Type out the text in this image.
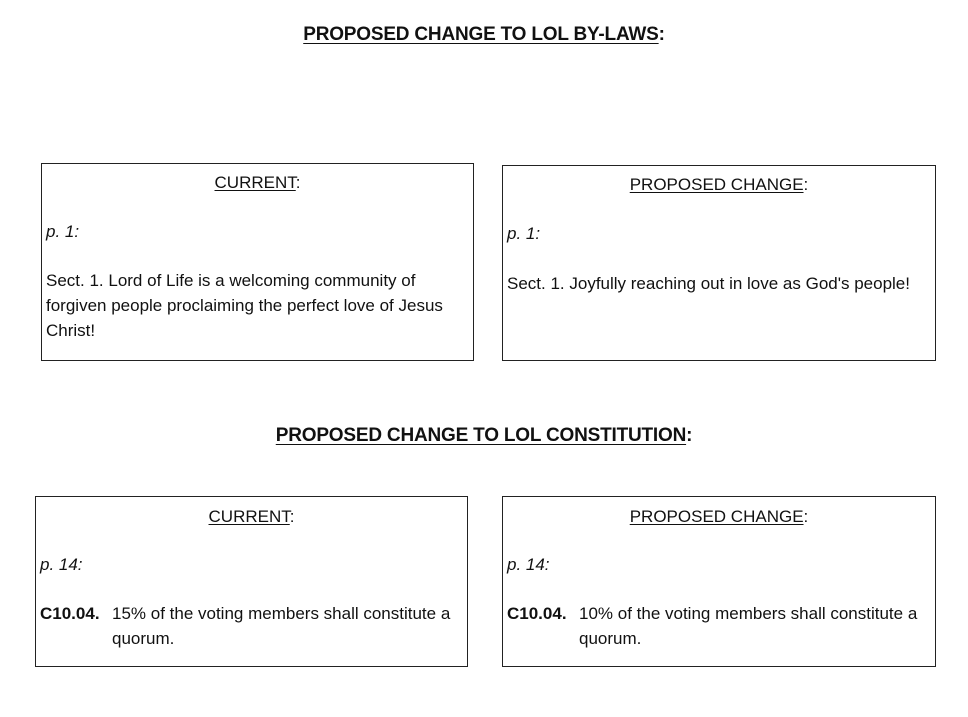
PROPOSED CHANGE TO LOL BY-LAWS:
CURRENT:
p. 1:
Sect. 1. Lord of Life is a welcoming community of forgiven people proclaiming the perfect love of Jesus Christ!
PROPOSED CHANGE:
p. 1:
Sect. 1. Joyfully reaching out in love as God's people!
PROPOSED CHANGE TO LOL CONSTITUTION:
CURRENT:
p. 14:
C10.04. 15% of the voting members shall constitute a quorum.
PROPOSED CHANGE:
p. 14:
C10.04. 10% of the voting members shall constitute a quorum.
